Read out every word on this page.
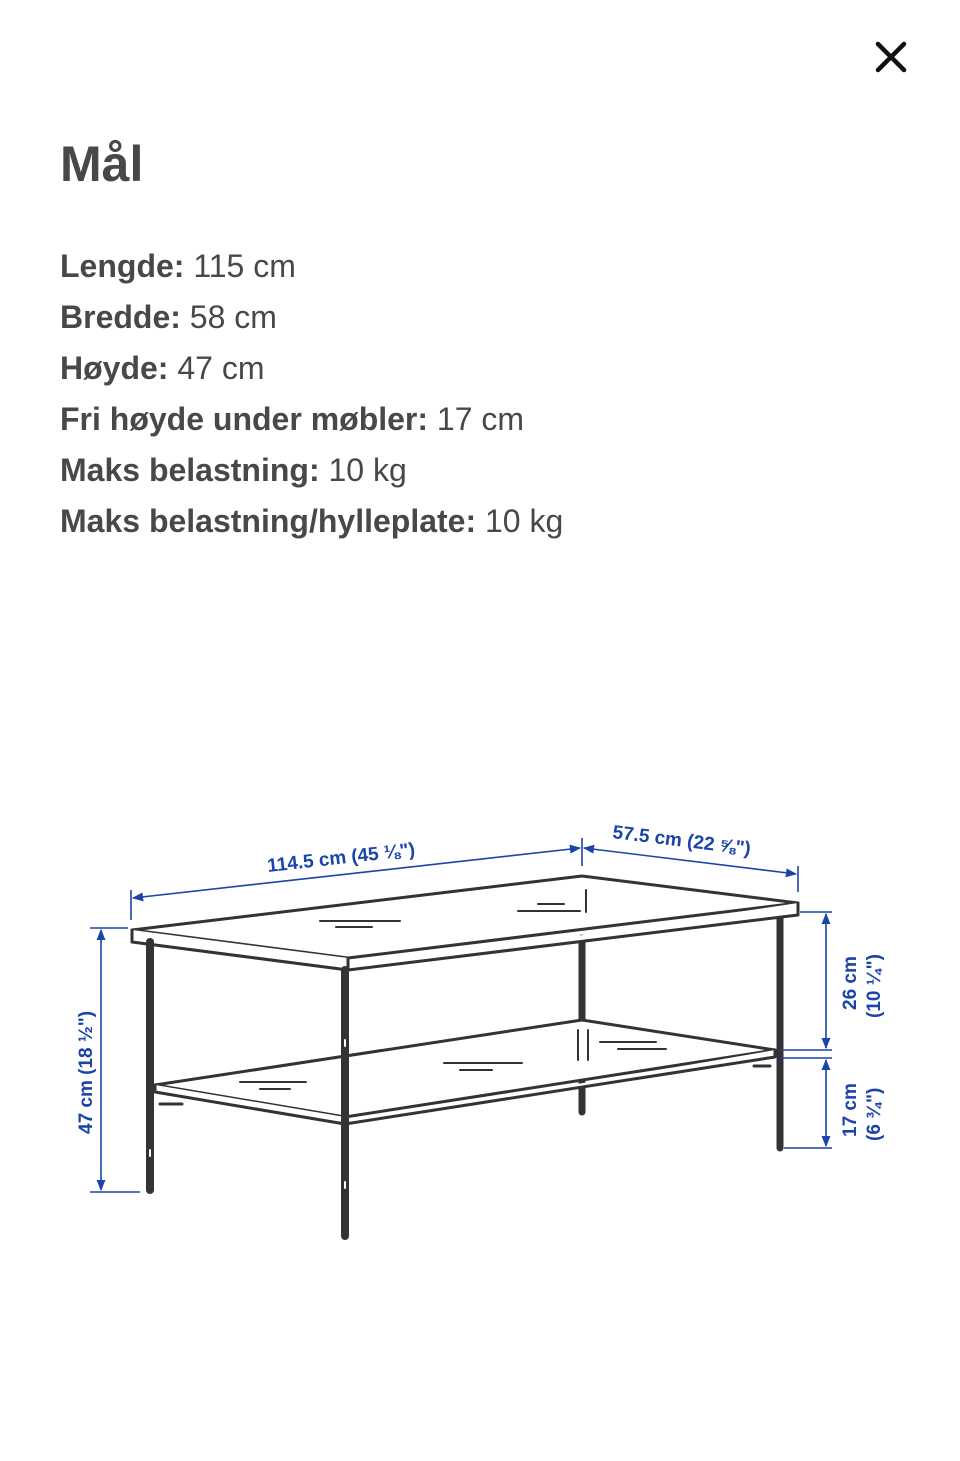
Mål
Lengde: 115 cm
Bredde: 58 cm
Høyde: 47 cm
Fri høyde under møbler: 17 cm
Maks belastning: 10 kg
Maks belastning/hylleplate: 10 kg
114.5 cm (45 ⅛")	57.5 cm (22 ⅝")
47 cm (18 ½")
26 cm (10 ¼")
17 cm (6 ¾")
